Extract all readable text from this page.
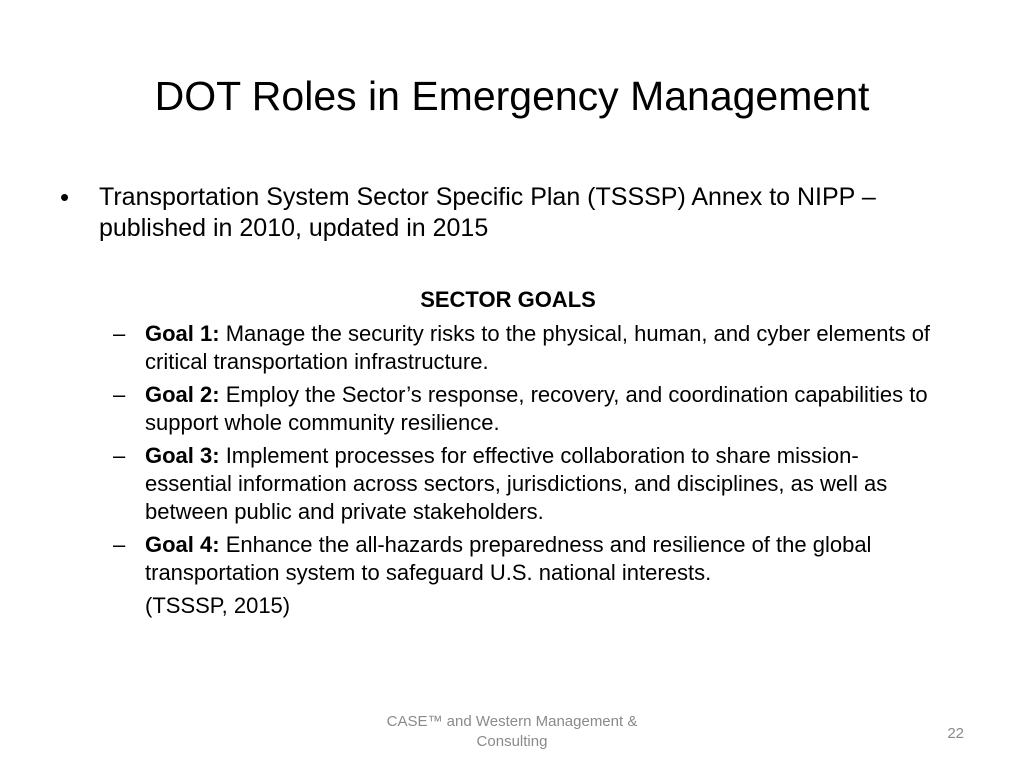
DOT Roles in Emergency Management
• Transportation System Sector Specific Plan (TSSSP) Annex to NIPP – published in 2010, updated in 2015
SECTOR GOALS
– Goal 1: Manage the security risks to the physical, human, and cyber elements of critical transportation infrastructure.
– Goal 2: Employ the Sector’s response, recovery, and coordination capabilities to support whole community resilience.
– Goal 3: Implement processes for effective collaboration to share mission-essential information across sectors, jurisdictions, and disciplines, as well as between public and private stakeholders.
– Goal 4: Enhance the all-hazards preparedness and resilience of the global transportation system to safeguard U.S. national interests.
(TSSSP, 2015)
CASE™ and Western Management & Consulting	22
